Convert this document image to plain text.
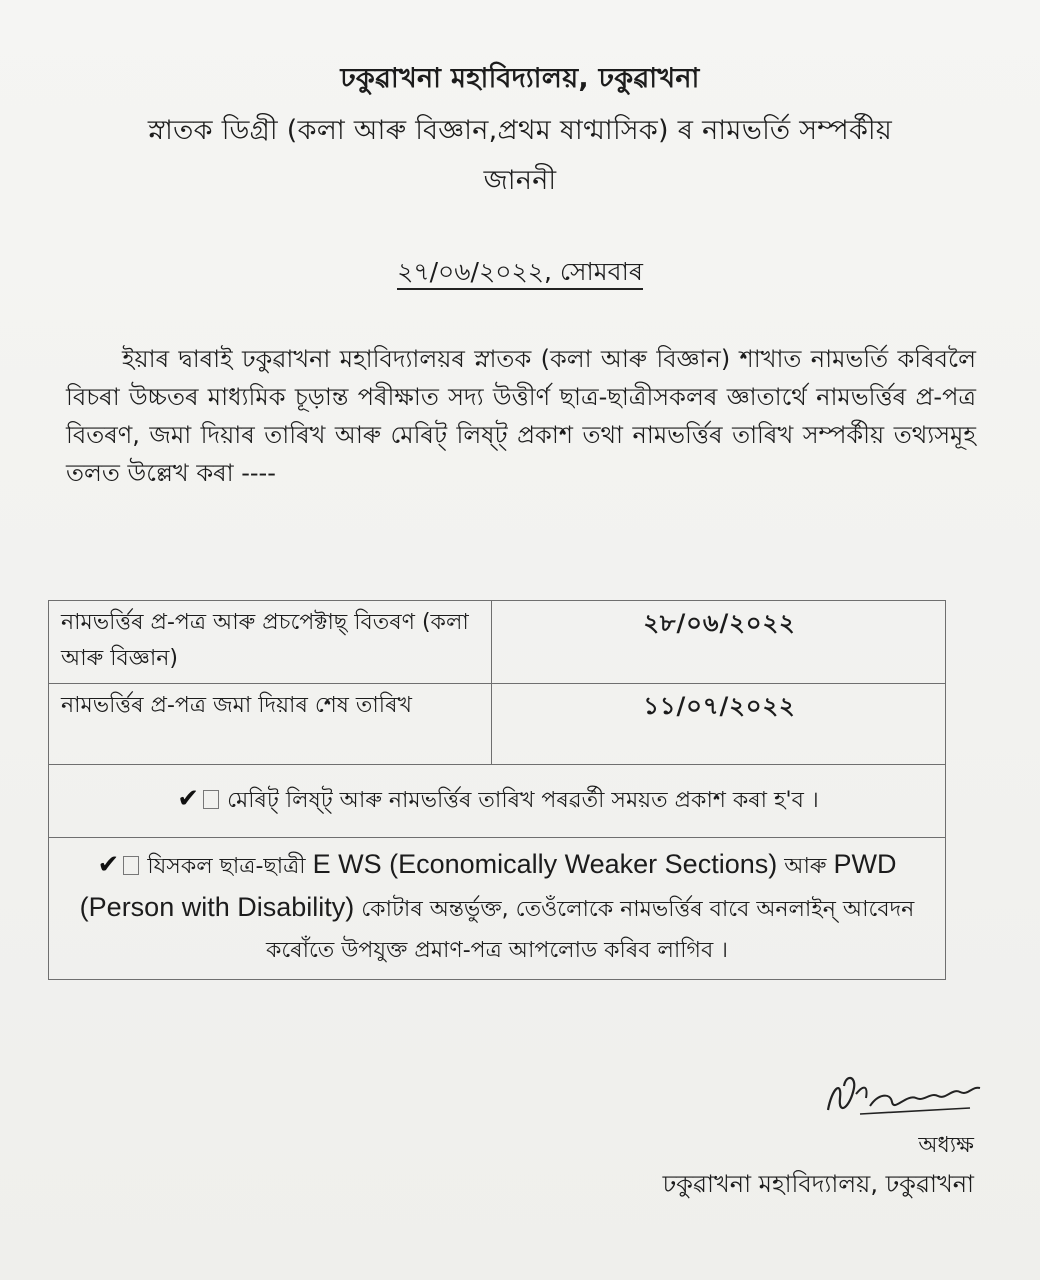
ঢকুৱাখনা মহাবিদ্যালয়, ঢকুৱাখনা
স্নাতক ডিগ্ৰী (কলা আৰু বিজ্ঞান,প্ৰথম ষাণ্মাসিক) ৰ নামভৰ্তি সম্পৰ্কীয়
জাননী
২৭/০৬/২০২২, সোমবাৰ
ইয়াৰ দ্বাৰাই ঢকুৱাখনা মহাবিদ্যালয়ৰ স্নাতক (কলা আৰু বিজ্ঞান) শাখাত নামভৰ্তি কৰিবলৈ বিচৰা উচ্চতৰ মাধ্যমিক চূড়ান্ত পৰীক্ষাত সদ্য উত্তীৰ্ণ ছাত্ৰ-ছাত্ৰীসকলৰ জ্ঞাতাৰ্থে নামভৰ্ত্তিৰ প্ৰ-পত্ৰ বিতৰণ, জমা দিয়াৰ তাৰিখ আৰু মেৰিট্ লিষ্ট্ প্ৰকাশ তথা নামভৰ্ত্তিৰ তাৰিখ সম্পৰ্কীয় তথ্যসমূহ তলত উল্লেখ কৰা ----
নামভৰ্ত্তিৰ প্ৰ-পত্ৰ আৰু প্ৰচপেক্টাছ্ বিতৰণ (কলা আৰু বিজ্ঞান)	২৮/০৬/২০২২
নামভৰ্ত্তিৰ প্ৰ-পত্ৰ জমা দিয়াৰ শেষ তাৰিখ	১১/০৭/২০২২
✔ মেৰিট্ লিষ্ট্ আৰু নামভৰ্ত্তিৰ তাৰিখ পৰৱৰ্তী সময়ত প্ৰকাশ কৰা হ'ব ।	
✔ যিসকল ছাত্ৰ-ছাত্ৰী E WS (Economically Weaker Sections) আৰু PWD (Person with Disability) কোটাৰ অন্তৰ্ভুক্ত, তেওঁলোকে নামভৰ্ত্তিৰ বাবে অনলাইন্ আবেদন কৰোঁতে উপযুক্ত প্ৰমাণ-পত্ৰ আপলোড কৰিব লাগিব ।	
অধ্যক্ষ
ঢকুৱাখনা মহাবিদ্যালয়, ঢকুৱাখনা
